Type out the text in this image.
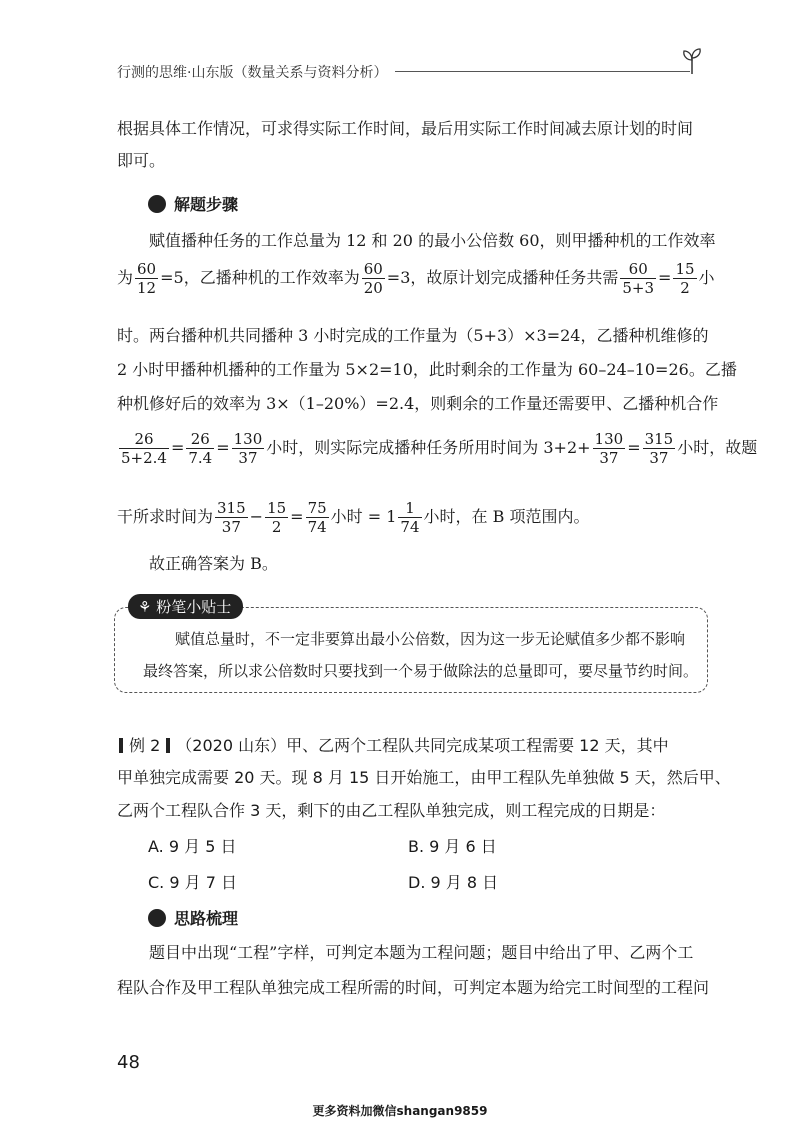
行测的思维·山东版（数量关系与资料分析）
根据具体工作情况，可求得实际工作时间，最后用实际工作时间减去原计划的时间
即可。
解题步骤
赋值播种任务的工作总量为 12 和 20 的最小公倍数 60，则甲播种机的工作效率
为 $\frac{60}{12} =5$，乙播种机的工作效率为 $\frac{60}{20} =3$，故原计划完成播种任务共需 $\frac{60}{5+3} = \frac{15}{2}$ 小
时。两台播种机共同播种 3 小时完成的工作量为（5+3）×3=24，乙播种机维修的
2 小时甲播种机播种的工作量为 5×2=10，此时剩余的工作量为 60–24–10=26。乙播
种机修好后的效率为 3×（1–20%）=2.4，则剩余的工作量还需要甲、乙播种机合作
$\frac{26}{5+2.4} = \frac{26}{7.4} = \frac{130}{37}$ 小时，则实际完成播种任务所用时间为 $3+2+ \frac{130}{37} = \frac{315}{37}$ 小时，故题
干所求时间为 $\frac{315}{37} - \frac{15}{2} = \frac{75}{74}$ 小时 = $1 \frac{1}{74}$ 小时，在 B 项范围内。
故正确答案为 B。
⚘ 粉笔小贴士
赋值总量时，不一定非要算出最小公倍数，因为这一步无论赋值多少都不影响
最终答案，所以求公倍数时只要找到一个易于做除法的总量即可，要尽量节约时间。
例 2 （2020 山东）甲、乙两个工程队共同完成某项工程需要 12 天，其中
甲单独完成需要 20 天。现 8 月 15 日开始施工，由甲工程队先单独做 5 天，然后甲、
乙两个工程队合作 3 天，剩下的由乙工程队单独完成，则工程完成的日期是：
A. 9 月 5 日	B. 9 月 6 日
C. 9 月 7 日	D. 9 月 8 日
思路梳理
题目中出现“工程”字样，可判定本题为工程问题；题目中给出了甲、乙两个工
程队合作及甲工程队单独完成工程所需的时间，可判定本题为给完工时间型的工程问
48
更多资料加微信shangan9859
